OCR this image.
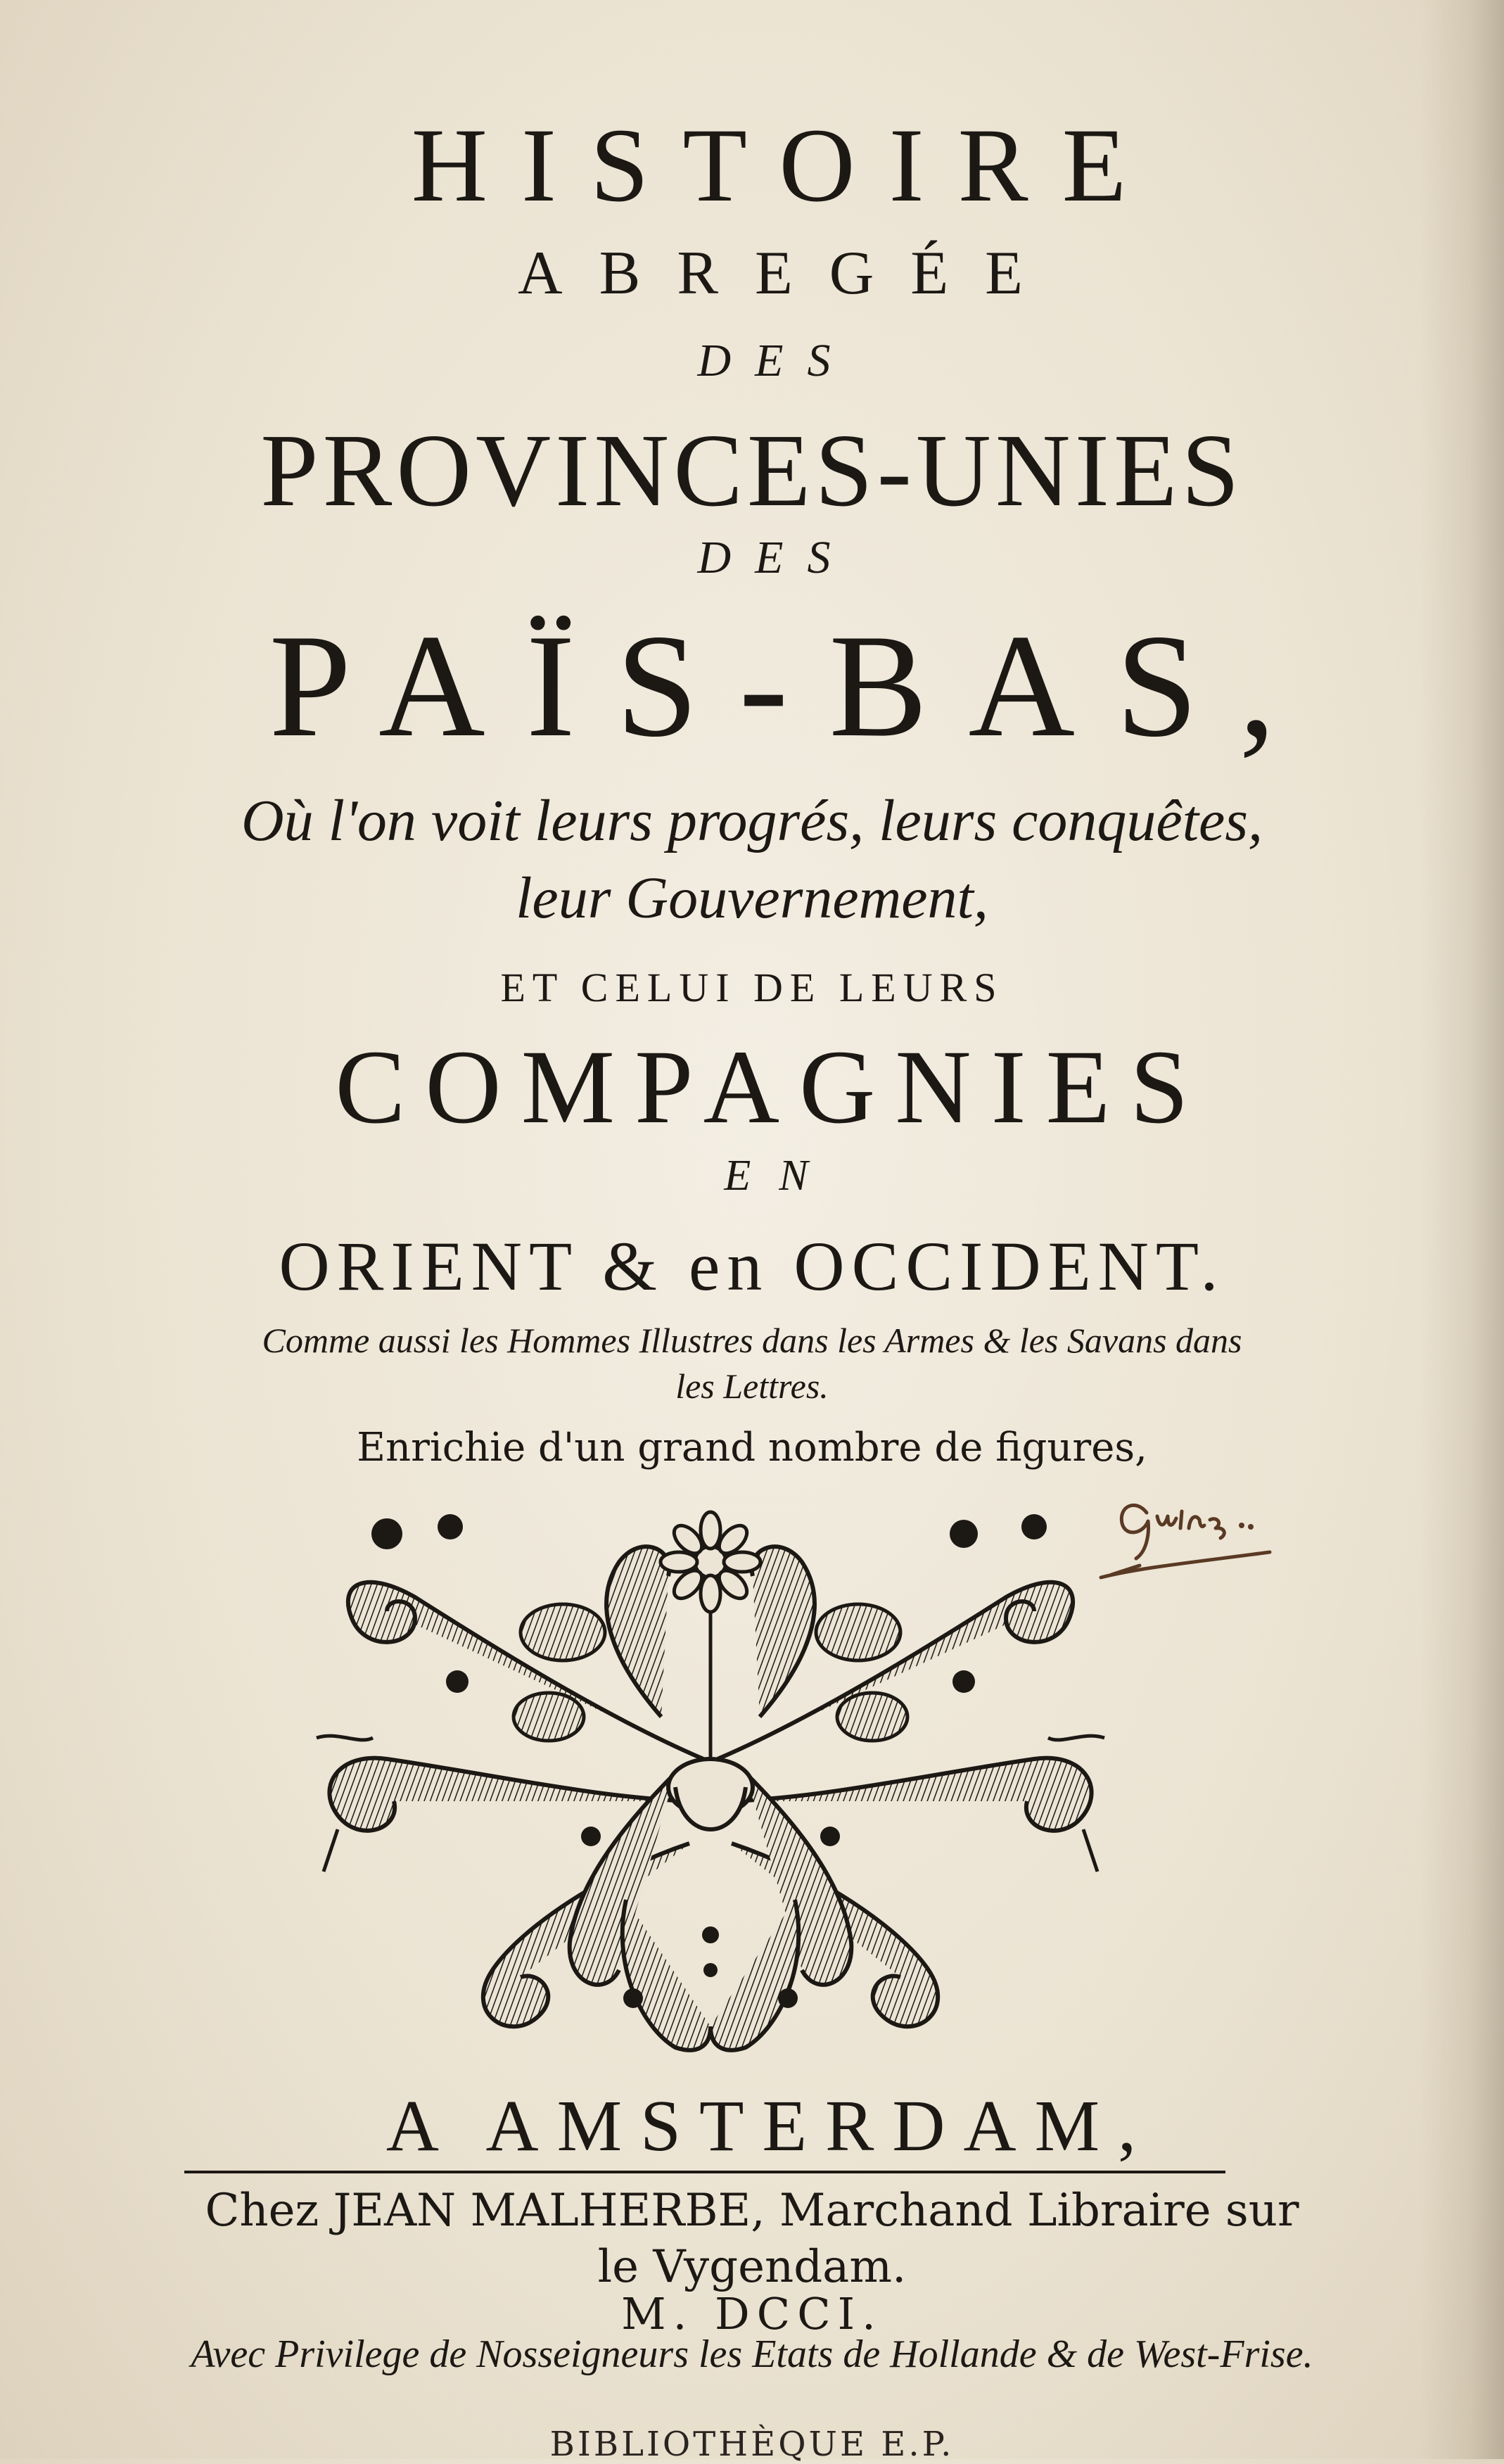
HISTOIRE
ABREGÉE
DES
PROVINCES-UNIES
DES
PAÏS-BAS,
Où l'on voit leurs progrés, leurs conquêtes,
leur Gouvernement,
ET CELUI DE LEURS
COMPAGNIES
EN
ORIENT & en OCCIDENT.
Comme aussi les Hommes Illustres dans les Armes & les Savans dans
les Lettres.
Enrichie d'un grand nombre de figures,
A AMSTERDAM,
Chez JEAN MALHERBE, Marchand Libraire sur
le Vygendam.
M. DCCI.
Avec Privilege de Nosseigneurs les Etats de Hollande & de West-Frise.
BIBLIOTHÈQUE E.P.
